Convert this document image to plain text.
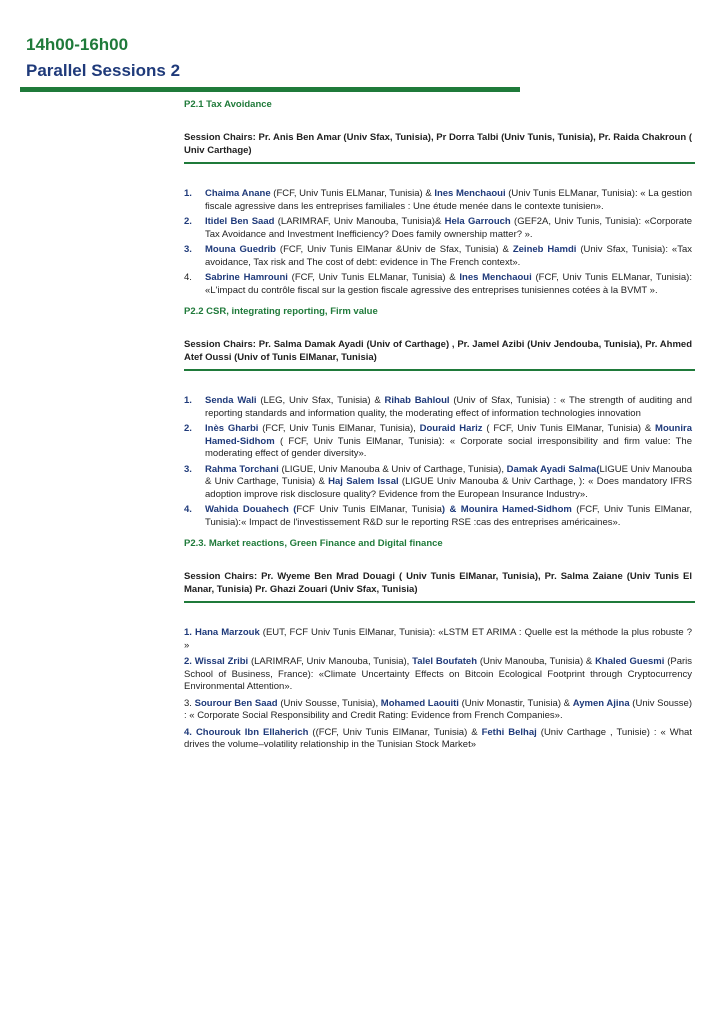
14h00-16h00
Parallel Sessions 2

P2.1 Tax Avoidance

Session Chairs: Pr. Anis Ben Amar (Univ Sfax, Tunisia), Pr Dorra Talbi (Univ Tunis, Tunisia), Pr. Raida Chakroun ( Univ Carthage)

1. Chaima Anane (FCF, Univ Tunis ELManar, Tunisia) & Ines Menchaoui (Univ Tunis ELManar, Tunisia): « La gestion fiscale agressive dans les entreprises familiales : Une étude menée dans le contexte tunisien».
2. Itidel Ben Saad (LARIMRAF, Univ Manouba, Tunisia)& Hela Garrouch (GEF2A, Univ Tunis, Tunisia): «Corporate Tax Avoidance and Investment Inefficiency? Does family ownership matter? ».
3. Mouna Guedrib (FCF, Univ Tunis ElManar &Univ de Sfax, Tunisia) & Zeineb Hamdi (Univ Sfax, Tunisia): «Tax avoidance, Tax risk and The cost of debt: evidence in The French context».
4. Sabrine Hamrouni (FCF, Univ Tunis ELManar, Tunisia) & Ines Menchaoui (FCF, Univ Tunis ELManar, Tunisia): «L'impact du contrôle fiscal sur la gestion fiscale agressive des entreprises tunisiennes cotées à la BVMT ».

P2.2 CSR, integrating reporting, Firm value

Session Chairs: Pr. Salma Damak Ayadi (Univ of Carthage) , Pr. Jamel Azibi (Univ Jendouba, Tunisia), Pr. Ahmed Atef Oussi (Univ of Tunis ElManar, Tunisia)

1. Senda Wali (LEG, Univ Sfax, Tunisia) & Rihab Bahloul (Univ of Sfax, Tunisia) : « The strength of auditing and reporting standards and information quality, the moderating effect of information technologies innovation
2. Inès Gharbi (FCF, Univ Tunis ElManar, Tunisia), Douraid Hariz ( FCF, Univ Tunis ElManar, Tunisia) & Mounira Hamed-Sidhom ( FCF, Univ Tunis ElManar, Tunisia): « Corporate social irresponsibility and firm value: The moderating effect of gender diversity».
3. Rahma Torchani (LIGUE, Univ Manouba & Univ of Carthage, Tunisia), Damak Ayadi Salma(LIGUE Univ Manouba & Univ Carthage, Tunisia) & Haj Salem Issal (LIGUE Univ Manouba & Univ Carthage, ): « Does mandatory IFRS adoption improve risk disclosure quality? Evidence from the European Insurance Industry».
4. Wahida Douahech (FCF Univ Tunis ElManar, Tunisia) & Mounira Hamed-Sidhom (FCF, Univ Tunis ElManar, Tunisia):« Impact de l'investissement R&D sur le reporting RSE :cas des entreprises américaines».

P2.3. Market reactions, Green Finance and Digital finance

Session Chairs: Pr. Wyeme Ben Mrad Douagi ( Univ Tunis ElManar, Tunisia), Pr. Salma Zaiane (Univ Tunis El Manar, Tunisia) Pr. Ghazi Zouari (Univ Sfax, Tunisia)

1. Hana Marzouk (EUT, FCF Univ Tunis ElManar, Tunisia): «LSTM ET ARIMA : Quelle est la méthode la plus robuste ? »

2. Wissal Zribi (LARIMRAF, Univ Manouba, Tunisia), Talel Boufateh (Univ Manouba, Tunisia) & Khaled Guesmi (Paris School of Business, France): «Climate Uncertainty Effects on Bitcoin Ecological Footprint through Cryptocurrency Environmental Attention».

3. Sourour Ben Saad (Univ Sousse, Tunisia), Mohamed Laouiti (Univ Monastir, Tunisia) & Aymen Ajina (Univ Sousse) : « Corporate Social Responsibility and Credit Rating: Evidence from French Companies».

4. Chourouk Ibn Ellaherich ((FCF, Univ Tunis ElManar, Tunisia) & Fethi Belhaj (Univ Carthage , Tunisie) : « What drives the volume–volatility relationship in the Tunisian Stock Market»
